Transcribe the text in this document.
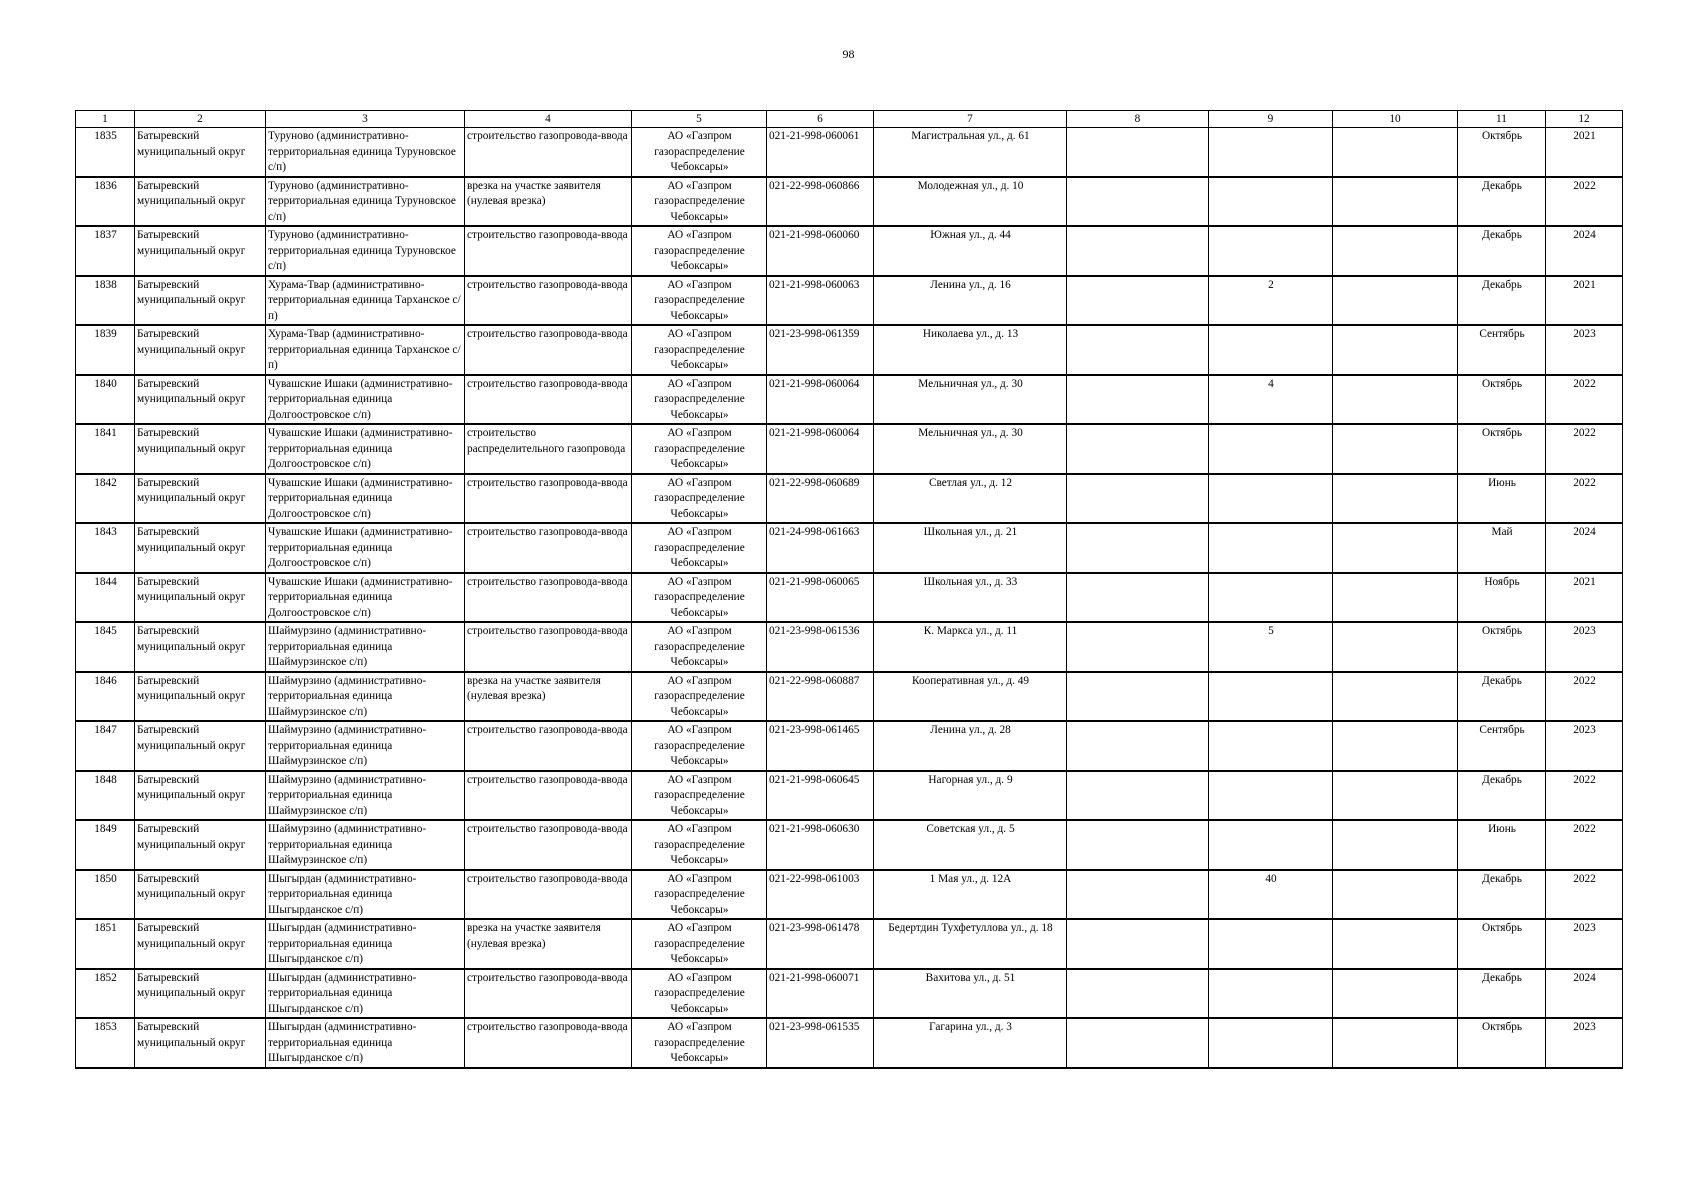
98
1	2	3	4	5	6	7	8	9	10	11	12
1835	Батыревский муниципальный округ	Туруново (административно-территориальная единица Туруновское с/п)	строительство газопровода-ввода	АО «Газпром газораспределение Чебоксары»	021-21-998-060061	Магистральная ул., д. 61				Октябрь	2021
1836	Батыревский муниципальный округ	Туруново (административно-территориальная единица Туруновское с/п)	врезка на участке заявителя (нулевая врезка)	АО «Газпром газораспределение Чебоксары»	021-22-998-060866	Молодежная ул., д. 10				Декабрь	2022
1837	Батыревский муниципальный округ	Туруново (административно-территориальная единица Туруновское с/п)	строительство газопровода-ввода	АО «Газпром газораспределение Чебоксары»	021-21-998-060060	Южная ул., д. 44				Декабрь	2024
1838	Батыревский муниципальный округ	Хурама-Твар (административно-территориальная единица Тарханское с/п)	строительство газопровода-ввода	АО «Газпром газораспределение Чебоксары»	021-21-998-060063	Ленина ул., д. 16		2		Декабрь	2021
1839	Батыревский муниципальный округ	Хурама-Твар (административно-территориальная единица Тарханское с/п)	строительство газопровода-ввода	АО «Газпром газораспределение Чебоксары»	021-23-998-061359	Николаева ул., д. 13				Сентябрь	2023
1840	Батыревский муниципальный округ	Чувашские Ишаки (административно-территориальная единица Долгоостровское с/п)	строительство газопровода-ввода	АО «Газпром газораспределение Чебоксары»	021-21-998-060064	Мельничная ул., д. 30		4		Октябрь	2022
1841	Батыревский муниципальный округ	Чувашские Ишаки (административно-территориальная единица Долгоостровское с/п)	строительство распределительного газопровода	АО «Газпром газораспределение Чебоксары»	021-21-998-060064	Мельничная ул., д. 30				Октябрь	2022
1842	Батыревский муниципальный округ	Чувашские Ишаки (административно-территориальная единица Долгоостровское с/п)	строительство газопровода-ввода	АО «Газпром газораспределение Чебоксары»	021-22-998-060689	Светлая ул., д. 12				Июнь	2022
1843	Батыревский муниципальный округ	Чувашские Ишаки (административно-территориальная единица Долгоостровское с/п)	строительство газопровода-ввода	АО «Газпром газораспределение Чебоксары»	021-24-998-061663	Школьная ул., д. 21				Май	2024
1844	Батыревский муниципальный округ	Чувашские Ишаки (административно-территориальная единица Долгоостровское с/п)	строительство газопровода-ввода	АО «Газпром газораспределение Чебоксары»	021-21-998-060065	Школьная ул., д. 33				Ноябрь	2021
1845	Батыревский муниципальный округ	Шаймурзино (административно-территориальная единица Шаймурзинское с/п)	строительство газопровода-ввода	АО «Газпром газораспределение Чебоксары»	021-23-998-061536	К. Маркса ул., д. 11		5		Октябрь	2023
1846	Батыревский муниципальный округ	Шаймурзино (административно-территориальная единица Шаймурзинское с/п)	врезка на участке заявителя (нулевая врезка)	АО «Газпром газораспределение Чебоксары»	021-22-998-060887	Кооперативная ул., д. 49				Декабрь	2022
1847	Батыревский муниципальный округ	Шаймурзино (административно-территориальная единица Шаймурзинское с/п)	строительство газопровода-ввода	АО «Газпром газораспределение Чебоксары»	021-23-998-061465	Ленина ул., д. 28				Сентябрь	2023
1848	Батыревский муниципальный округ	Шаймурзино (административно-территориальная единица Шаймурзинское с/п)	строительство газопровода-ввода	АО «Газпром газораспределение Чебоксары»	021-21-998-060645	Нагорная ул., д. 9				Декабрь	2022
1849	Батыревский муниципальный округ	Шаймурзино (административно-территориальная единица Шаймурзинское с/п)	строительство газопровода-ввода	АО «Газпром газораспределение Чебоксары»	021-21-998-060630	Советская ул., д. 5				Июнь	2022
1850	Батыревский муниципальный округ	Шыгырдан (административно-территориальная единица Шыгырданское с/п)	строительство газопровода-ввода	АО «Газпром газораспределение Чебоксары»	021-22-998-061003	1 Мая ул., д. 12А		40		Декабрь	2022
1851	Батыревский муниципальный округ	Шыгырдан (административно-территориальная единица Шыгырданское с/п)	врезка на участке заявителя (нулевая врезка)	АО «Газпром газораспределение Чебоксары»	021-23-998-061478	Бедертдин Тухфетуллова ул., д. 18				Октябрь	2023
1852	Батыревский муниципальный округ	Шыгырдан (административно-территориальная единица Шыгырданское с/п)	строительство газопровода-ввода	АО «Газпром газораспределение Чебоксары»	021-21-998-060071	Вахитова ул., д. 51				Декабрь	2024
1853	Батыревский муниципальный округ	Шыгырдан (административно-территориальная единица Шыгырданское с/п)	строительство газопровода-ввода	АО «Газпром газораспределение Чебоксары»	021-23-998-061535	Гагарина ул., д. 3				Октябрь	2023
